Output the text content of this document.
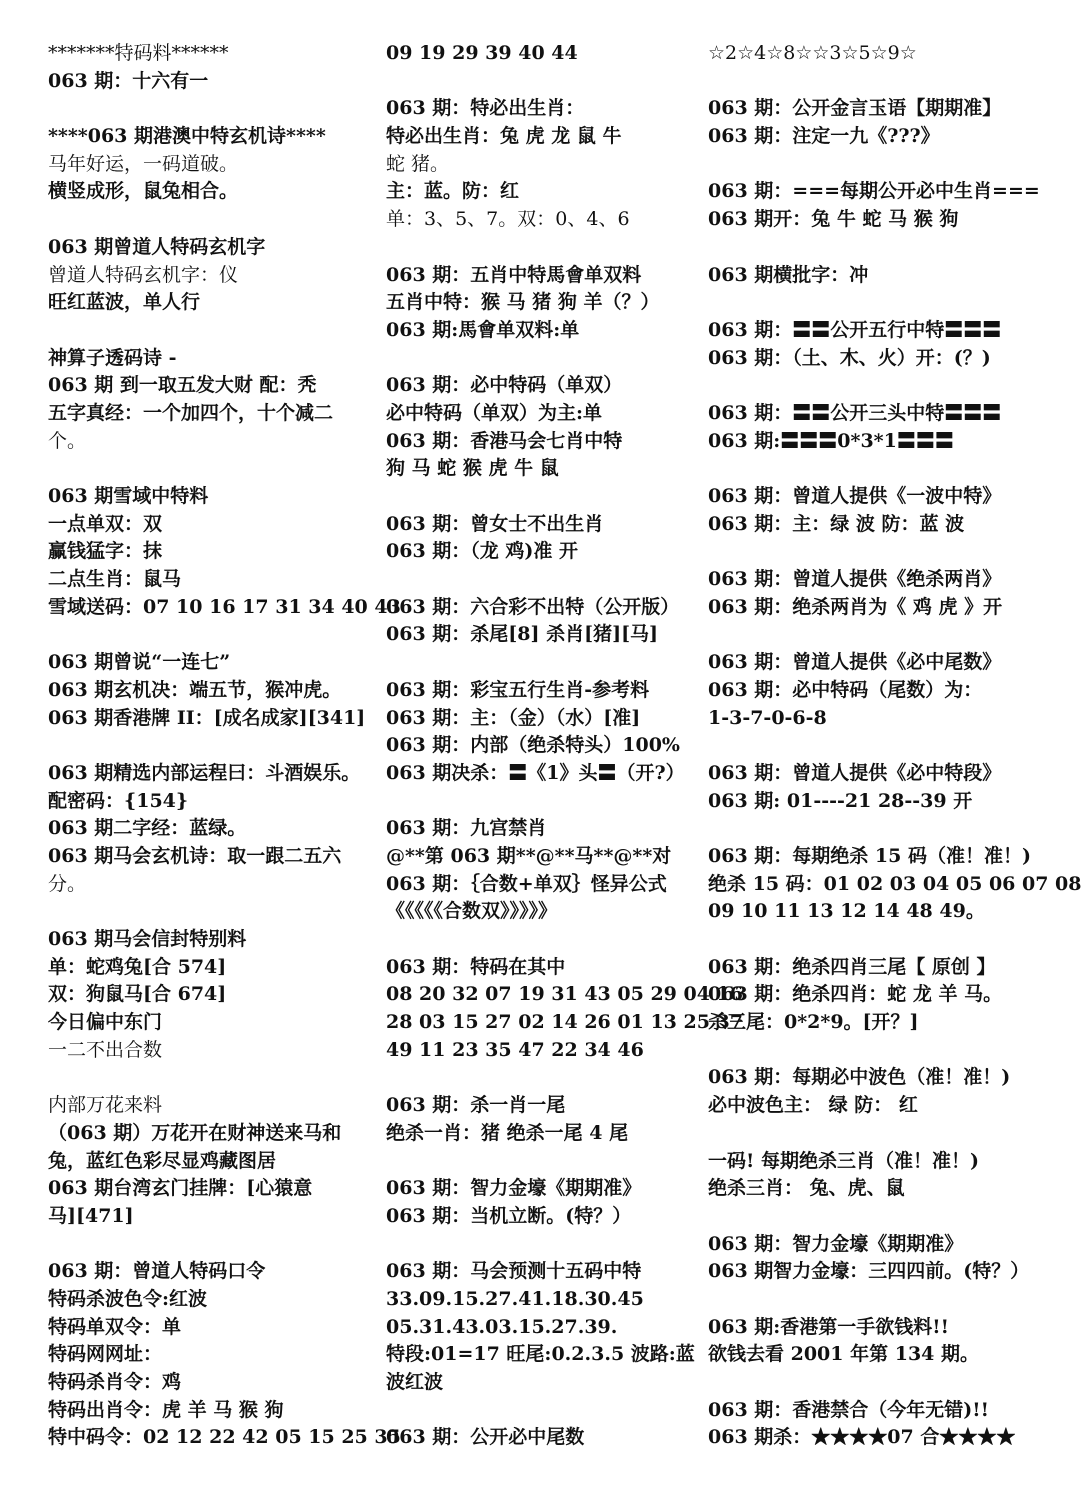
*******特码料******
063 期：十六有一
****063 期港澳中特玄机诗****
马年好运，一码道破。
横竖成形，鼠兔相合。
063 期曾道人特码玄机字
曾道人特码玄机字：仪
旺红蓝波，单人行
神算子透码诗 -
063 期 到一取五发大财 配：秃
五字真经：一个加四个，十个减二
个。
063 期雪域中特料
一点单双：双
赢钱猛字：抹
二点生肖：鼠马
雪域送码：07 10 16 17 31 34 40 43
063 期曾说“一连七”
063 期玄机决：端五节，猴冲虎。
063 期香港牌 II：[成名成家][341]
063 期精选内部运程曰：斗酒娱乐。
配密码：{154}
063 期二字经：蓝绿。
063 期马会玄机诗：取一跟二五六
分。
063 期马会信封特别料
单：蛇鸡兔[合 574]
双：狗鼠马[合 674]
今日偏中东门
一二不出合数
内部万花来料
（063 期）万花开在财神送来马和
兔，蓝红色彩尽显鸡藏图居
063 期台湾玄门挂牌：[心猿意
马][471]
063 期：曾道人特码口令
特码杀波色令:红波
特码单双令：单
特码网网址：
特码杀肖令：鸡
特码出肖令：虎 羊 马 猴 狗
特中码令：02 12 22 42 05 15 25 35
09 19 29 39 40 44
063 期：特必出生肖：
特必出生肖：兔 虎 龙 鼠 牛
蛇 猪。
主：蓝。防：红
单：3、5、7。双：0、4、6
063 期：五肖中特馬會单双料
五肖中特：猴 马 猪 狗 羊（？）
063 期:馬會单双料:单
063 期：必中特码（单双）
必中特码（单双）为主:单
063 期：香港马会七肖中特
狗 马 蛇 猴 虎 牛 鼠
063 期：曾女士不出生肖
063 期：（龙 鸡)准 开
063 期：六合彩不出特（公开版）
063 期：杀尾[8] 杀肖[猪][马]
063 期：彩宝五行生肖-参考料
063 期：主：（金）（水）[准]
063 期：内部（绝杀特头）100%
063 期决杀：〓《1》头〓（开?）
063 期：九宫禁肖
@**第 063 期**@**马**@**对
063 期：｛合数+单双｝怪异公式
《《《《《合数双》》》》》
063 期：特码在其中
08 20 32 07 19 31 43 05 29 04 16
28 03 15 27 02 14 26 01 13 25 37
49 11 23 35 47 22 34 46
063 期：杀一肖一尾
绝杀一肖：猪 绝杀一尾 4 尾
063 期：智力金壕《期期准》
063 期：当机立断。(特？）
063 期：马会预测十五码中特
33.09.15.27.41.18.30.45
05.31.43.03.15.27.39.
特段:01=17 旺尾:0.2.3.5 波路:蓝
波红波
063 期：公开必中尾数
☆2☆4☆8☆☆3☆5☆9☆
063 期：公开金言玉语【期期准】
063 期：注定一九《???》
063 期：===每期公开必中生肖===
063 期开：兔 牛 蛇 马 猴 狗
063 期横批字：冲
063 期：〓〓公开五行中特〓〓〓
063 期：（土、木、火）开：(？)
063 期：〓〓公开三头中特〓〓〓
063 期:〓〓〓0*3*1〓〓〓
063 期：曾道人提供《一波中特》
063 期：主：绿 波 防：蓝 波
063 期：曾道人提供《绝杀两肖》
063 期：绝杀两肖为《 鸡 虎 》开
063 期：曾道人提供《必中尾数》
063 期：必中特码（尾数）为：
1-3-7-0-6-8
063 期：曾道人提供《必中特段》
063 期: 01----21 28--39 开
063 期：每期绝杀 15 码（准！准！)
绝杀 15 码：01 02 03 04 05 06 07 08
09 10 11 13 12 14 48 49。
063 期：绝杀四肖三尾【 原创 】
063 期：绝杀四肖：蛇 龙 羊 马。
杀三尾：0*2*9。[开？]
063 期：每期必中波色（准！准！)
必中波色主： 绿 防： 红
一码! 每期绝杀三肖（准！准！)
绝杀三肖： 兔、虎、鼠
063 期：智力金壕《期期准》
063 期智力金壕：三四四前。(特？）
063 期:香港第一手欲钱料!!
欲钱去看 2001 年第 134 期。
063 期：香港禁合（今年无错)!!
063 期杀：★★★★07 合★★★★
